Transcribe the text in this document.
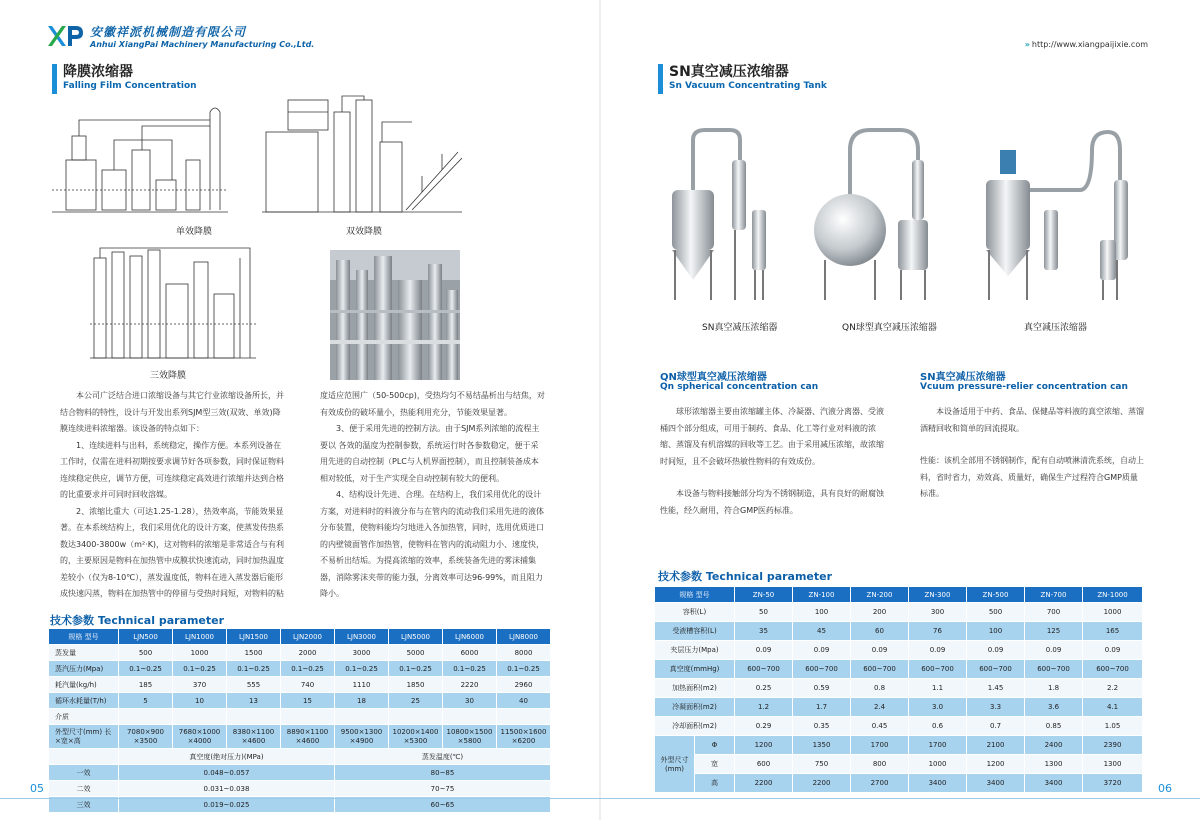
安徽祥派机械制造有限公司
Anhui XiangPai Machinery Manufacturing Co.,Ltd.
降膜浓缩器
Falling Film Concentration
单效降膜	双效降膜
三效降膜

本公司广泛结合进口浓缩设备与其它行业浓缩设备所长，并结合物料的特性，设计与开发出系列SJM型三效(双效、单效)降膜连续进料浓缩器。该设备的特点如下：

1、连续进料与出料，系统稳定，操作方便。本系列设备在工作时，仅需在进料初期按要求调节好各项参数，同时保证物料连续稳定供应，调节方便，可连续稳定高效进行浓缩并达到合格的比重要求并可同时回收溶媒。

2、浓缩比重大（可达1.25-1.28），热效率高，节能效果显著。在本系统结构上，我们采用优化的设计方案，使蒸发传热系数达3400-3800w（m²·K)，这对物料的浓缩是非常适合与有利的，主要原因是物料在加热管中成膜状快速流动，同时加热温度差较小（仅为8-10℃），蒸发温度低，物料在进入蒸发器后能形成快速闪蒸，物料在加热管中的停留与受热时间短，对物料的粘

度适应范围广（50-500cp)，受热均匀不易结晶析出与结焦，对有效成份的破坏量小，热能利用充分，节能效果显著。

3、便于采用先进的控制方法。由于SJM系列浓缩的流程主要以 各效的温度为控制参数，系统运行时各参数稳定，便于采用先进的自动控制（PLC与人机界面控制），而且控制装备成本相对较低，对于生产实现全自动控制有较大的便利。

4、结构设计先进、合理。在结构上，我们采用优化的设计方案，对进料时的料液分布与在管内的流动我们采用先进的液体分布装置，使物料能均匀地进入各加热管，同时，选用优质进口的内壁镜面管作加热管，使物料在管内的流动阻力小、速度快，不易析出结垢。为提高浓缩的效率，系统装备先进的雾沫捕集器，消除雾沫夹带的能力强，分离效率可达96-99%，而且阻力降小。

技术参数 Technical parameter
规格 型号	LJN500	LJN1000	LJN1500	LJN2000	LJN3000	LJN5000	LJN6000	LJN8000
蒸发量	500	1000	1500	2000	3000	5000	6000	8000
蒸汽压力(Mpa)	0.1~0.25	0.1~0.25	0.1~0.25	0.1~0.25	0.1~0.25	0.1~0.25	0.1~0.25	0.1~0.25
耗汽量(kg/h)	185	370	555	740	1110	1850	2220	2960
循环水耗量(T/h)	5	10	13	15	18	25	30	40
介质								
外型尺寸(mm) 长×宽×高	7080×900 ×3500	7680×1000 ×4000	8380×1100 ×4600	8890×1100 ×4600	9500×1300 ×4900	10200×1400 ×5300	10800×1500 ×5800	11500×1600 ×6200
	真空度(绝对压力)(MPa)				蒸发温度(℃)			
一效	0.048~0.057				80~85			
二效	0.031~0.038				70~75			
三效	0.019~0.025				60~65			
05
» http://www.xiangpaijixie.com
SN真空减压浓缩器
Sn Vacuum Concentrating Tank
SN真空减压浓缩器	QN球型真空减压浓缩器	真空减压浓缩器
QN球型真空减压浓缩器
Qn spherical concentration can
SN真空减压浓缩器
Vcuum pressure-relier concentration can

球形浓缩器主要由浓缩罐主体、冷凝器、汽液分离器、受液桶四个部分组成，可用于制药、食品、化工等行业对料液的浓缩、蒸馏及有机溶媒的回收等工艺。由于采用减压浓缩，故浓缩时间短，且不会破坏热敏性物料的有效成份。

本设备与物料接触部分均为不锈钢制造，具有良好的耐腐蚀性能，经久耐用，符合GMP医药标准。

本设备适用于中药、食品、保健品等料液的真空浓缩、蒸馏酒精回收和简单的回流提取。

性能：该机全部用不锈钢制作，配有自动喷淋清洗系统，自动上料，省时省力，劝效高、质量好，确保生产过程符合GMP质量标准。

技术参数 Technical parameter
规格 型号		ZN-50	ZN-100	ZN-200	ZN-300	ZN-500	ZN-700	ZN-1000
容积(L)		50	100	200	300	500	700	1000
受液槽容积(L)		35	45	60	76	100	125	165
夹层压力(Mpa)		0.09	0.09	0.09	0.09	0.09	0.09	0.09
真空度(mmHg)		600~700	600~700	600~700	600~700	600~700	600~700	600~700
加热面积(m2)		0.25	0.59	0.8	1.1	1.45	1.8	2.2
冷凝面积(m2)		1.2	1.7	2.4	3.0	3.3	3.6	4.1
冷却面积(m2)		0.29	0.35	0.45	0.6	0.7	0.85	1.05
外型尺寸 (mm)	Φ	1200	1350	1700	1700	2100	2400	2390
	宽	600	750	800	1000	1200	1300	1300
	高	2200	2200	2700	3400	3400	3400	3720	06
